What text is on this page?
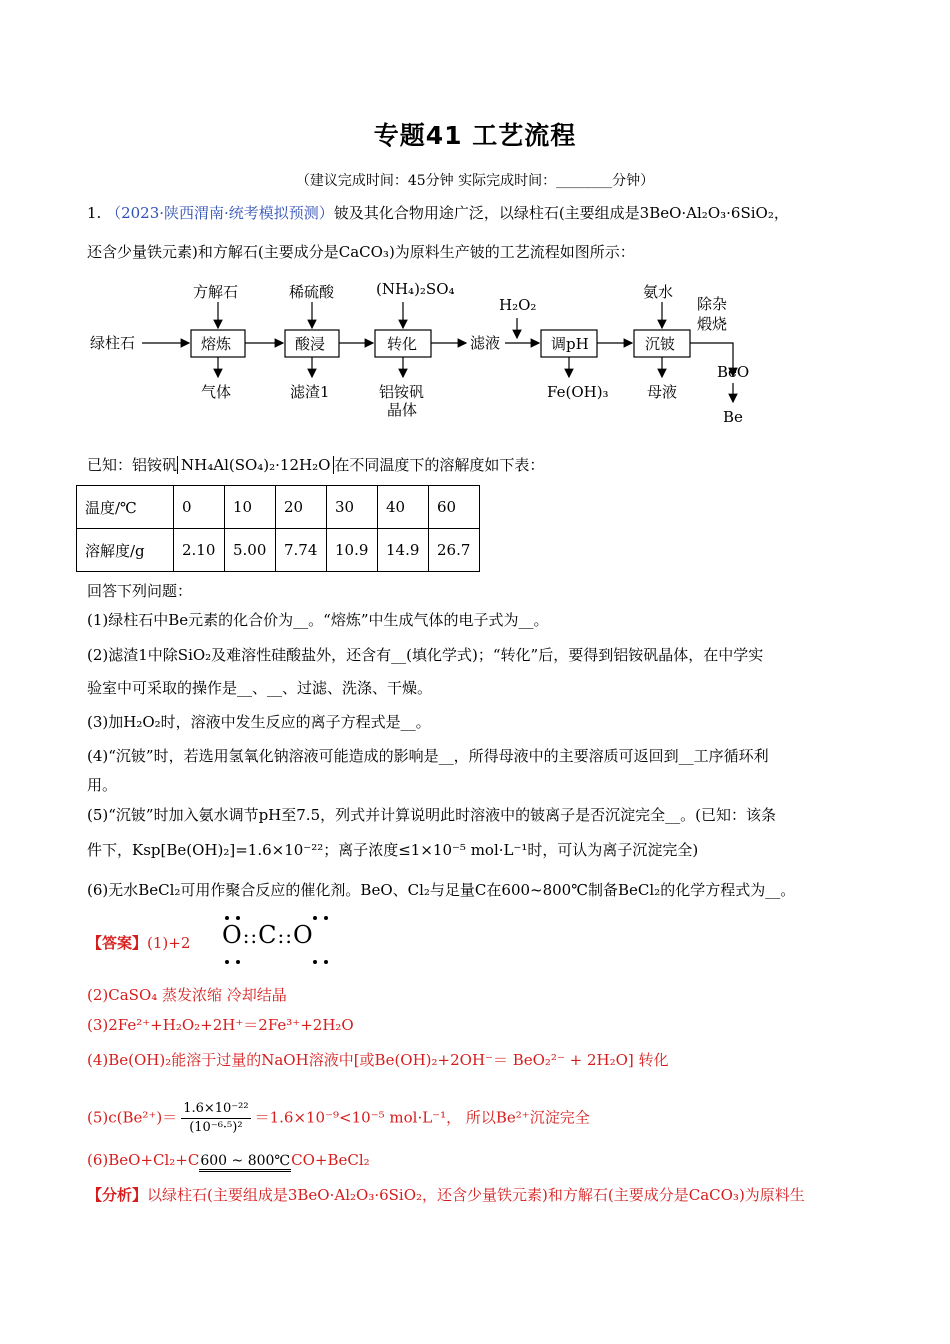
专题41 工艺流程
（建议完成时间：45分钟 实际完成时间：________分钟）
1. （2023·陕西渭南·统考模拟预测）铍及其化合物用途广泛，以绿柱石(主要组成是3BeO·Al₂O₃·6SiO₂，
还含少量铁元素)和方解石(主要成分是CaCO₃)为原料生产铍的工艺流程如图所示：
绿柱石	熔炼	酸浸	转化	滤液	调pH	沉铍
除杂
煅烧
BeO
Be
方解石	稀硫酸	(NH₄)₂SO₄
H₂O₂
氨水
气体	滤渣1	铝铵矾
晶体
Fe(OH)₃	母液
已知：铝铵矾 NH₄Al(SO₄)₂·12H₂O 在不同温度下的溶解度如下表：
温度/℃	0	10	20	30	40	60
溶解度/g	2.10	5.00	7.74	10.9	14.9	26.7
回答下列问题：
(1)绿柱石中Be元素的化合价为__。“熔炼”中生成气体的电子式为__。
(2)滤渣1中除SiO₂及难溶性硅酸盐外，还含有__(填化学式)；“转化”后，要得到铝铵矾晶体，在中学实
验室中可采取的操作是__、__、过滤、洗涤、干燥。
(3)加H₂O₂时，溶液中发生反应的离子方程式是__。
(4)“沉铍”时，若选用氢氧化钠溶液可能造成的影响是__，所得母液中的主要溶质可返回到__工序循环利
用。
(5)“沉铍”时加入氨水调节pH至7.5，列式并计算说明此时溶液中的铍离子是否沉淀完全__。(已知：该条
件下，Ksp[Be(OH)₂]=1.6×10⁻²²；离子浓度≤1×10⁻⁵ mol·L⁻¹时，可认为离子沉淀完全)
(6)无水BeCl₂可用作聚合反应的催化剂。BeO、Cl₂与足量C在600~800℃制备BeCl₂的化学方程式为__。
【答案】(1)+2	O::C::O
(2)CaSO₄ 蒸发浓缩 冷却结晶
(3)2Fe²⁺+H₂O₂+2H⁺＝2Fe³⁺+2H₂O
(4)Be(OH)₂能溶于过量的NaOH溶液中[或Be(OH)₂+2OH⁻＝ BeO₂²⁻ + 2H₂O] 转化
$(5)c(Be^{2+})= \frac{\text{1.6×10⁻²²}}{\text{(10⁻⁶·⁵)²}} =1.6\times 10^{-9}<10^{-5}$ mol·L⁻¹， 所以Be²⁺沉淀完全
(6)BeO+Cl₂+C600 ~ 800℃CO+BeCl₂
【分析】以绿柱石(主要组成是3BeO·Al₂O₃·6SiO₂，还含少量铁元素)和方解石(主要成分是CaCO₃)为原料生
